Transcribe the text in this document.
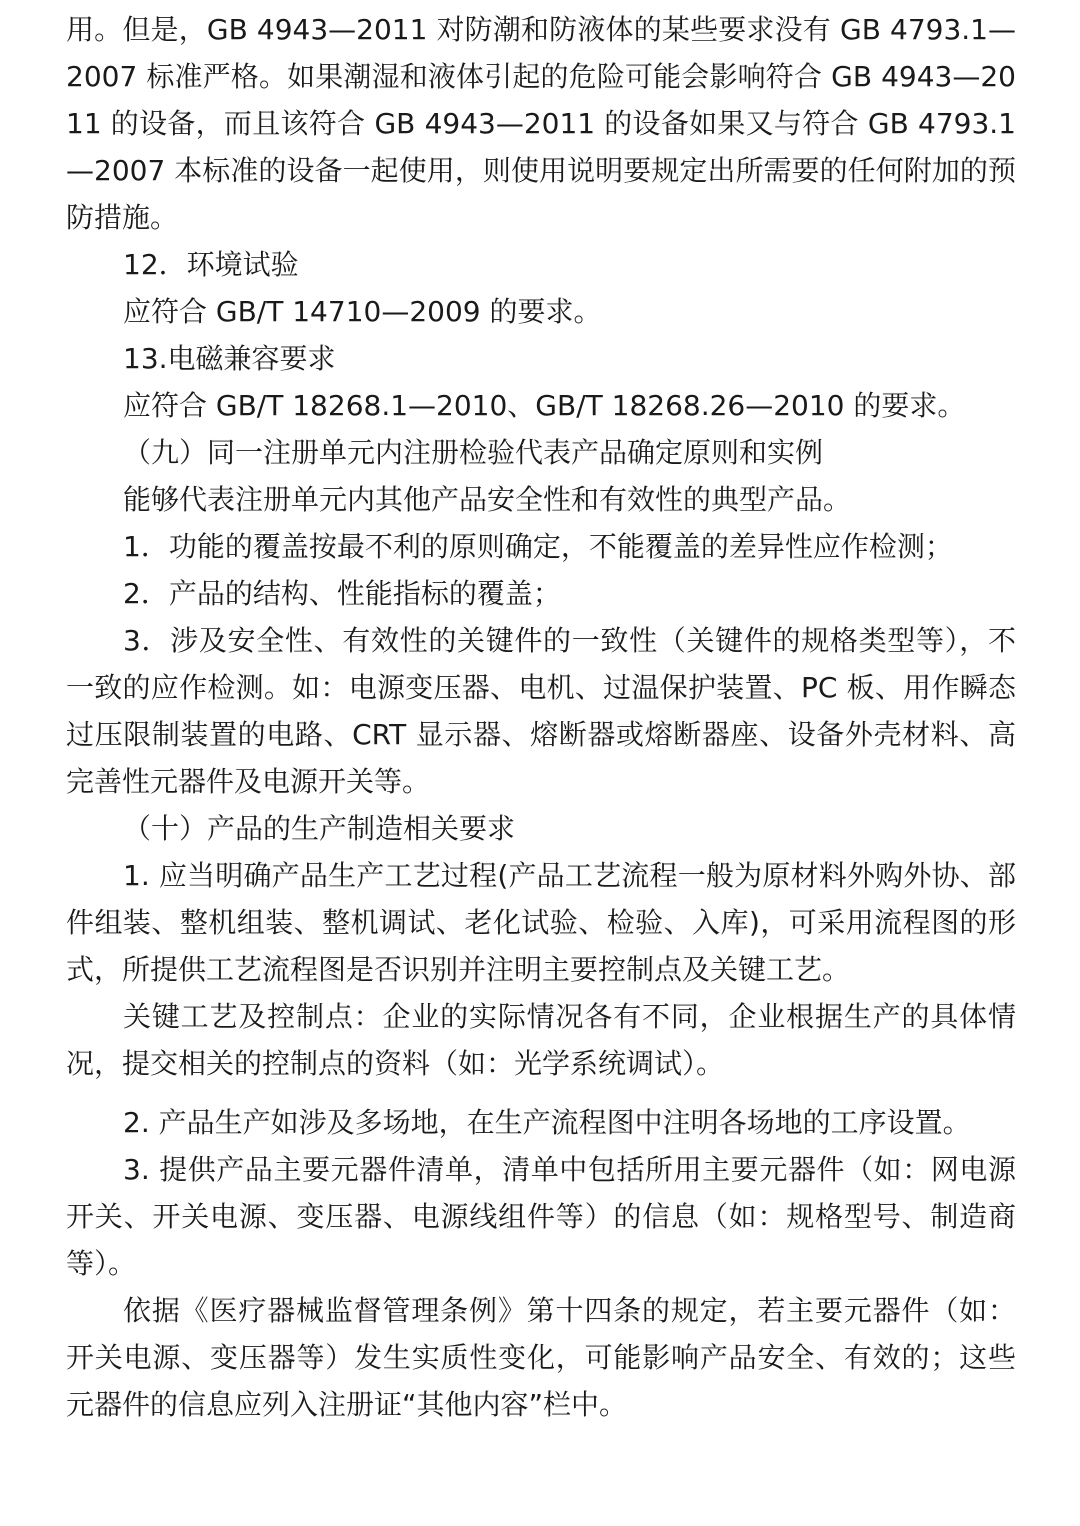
用。但是，GB 4943—2011 对防潮和防液体的某些要求没有 GB 4793.1—2007 标准严格。如果潮湿和液体引起的危险可能会影响符合 GB 4943—2011 的设备，而且该符合 GB 4943—2011 的设备如果又与符合 GB 4793.1—2007 本标准的设备一起使用，则使用说明要规定出所需要的任何附加的预防措施。

12．环境试验

应符合 GB/T 14710—2009 的要求。

13.电磁兼容要求

应符合 GB/T 18268.1—2010、GB/T 18268.26—2010 的要求。

（九）同一注册单元内注册检验代表产品确定原则和实例

能够代表注册单元内其他产品安全性和有效性的典型产品。

1．功能的覆盖按最不利的原则确定，不能覆盖的差异性应作检测；

2．产品的结构、性能指标的覆盖；

3．涉及安全性、有效性的关键件的一致性（关键件的规格类型等），不一致的应作检测。如：电源变压器、电机、过温保护装置、PC 板、用作瞬态过压限制装置的电路、CRT 显示器、熔断器或熔断器座、设备外壳材料、高完善性元器件及电源开关等。

（十）产品的生产制造相关要求

1. 应当明确产品生产工艺过程(产品工艺流程一般为原材料外购外协、部件组装、整机组装、整机调试、老化试验、检验、入库)，可采用流程图的形式，所提供工艺流程图是否识别并注明主要控制点及关键工艺。

关键工艺及控制点：企业的实际情况各有不同，企业根据生产的具体情况，提交相关的控制点的资料（如：光学系统调试）。

2. 产品生产如涉及多场地，在生产流程图中注明各场地的工序设置。

3. 提供产品主要元器件清单，清单中包括所用主要元器件（如：网电源开关、开关电源、变压器、电源线组件等）的信息（如：规格型号、制造商等）。

依据《医疗器械监督管理条例》第十四条的规定，若主要元器件（如：开关电源、变压器等）发生实质性变化，可能影响产品安全、有效的；这些元器件的信息应列入注册证“其他内容”栏中。
